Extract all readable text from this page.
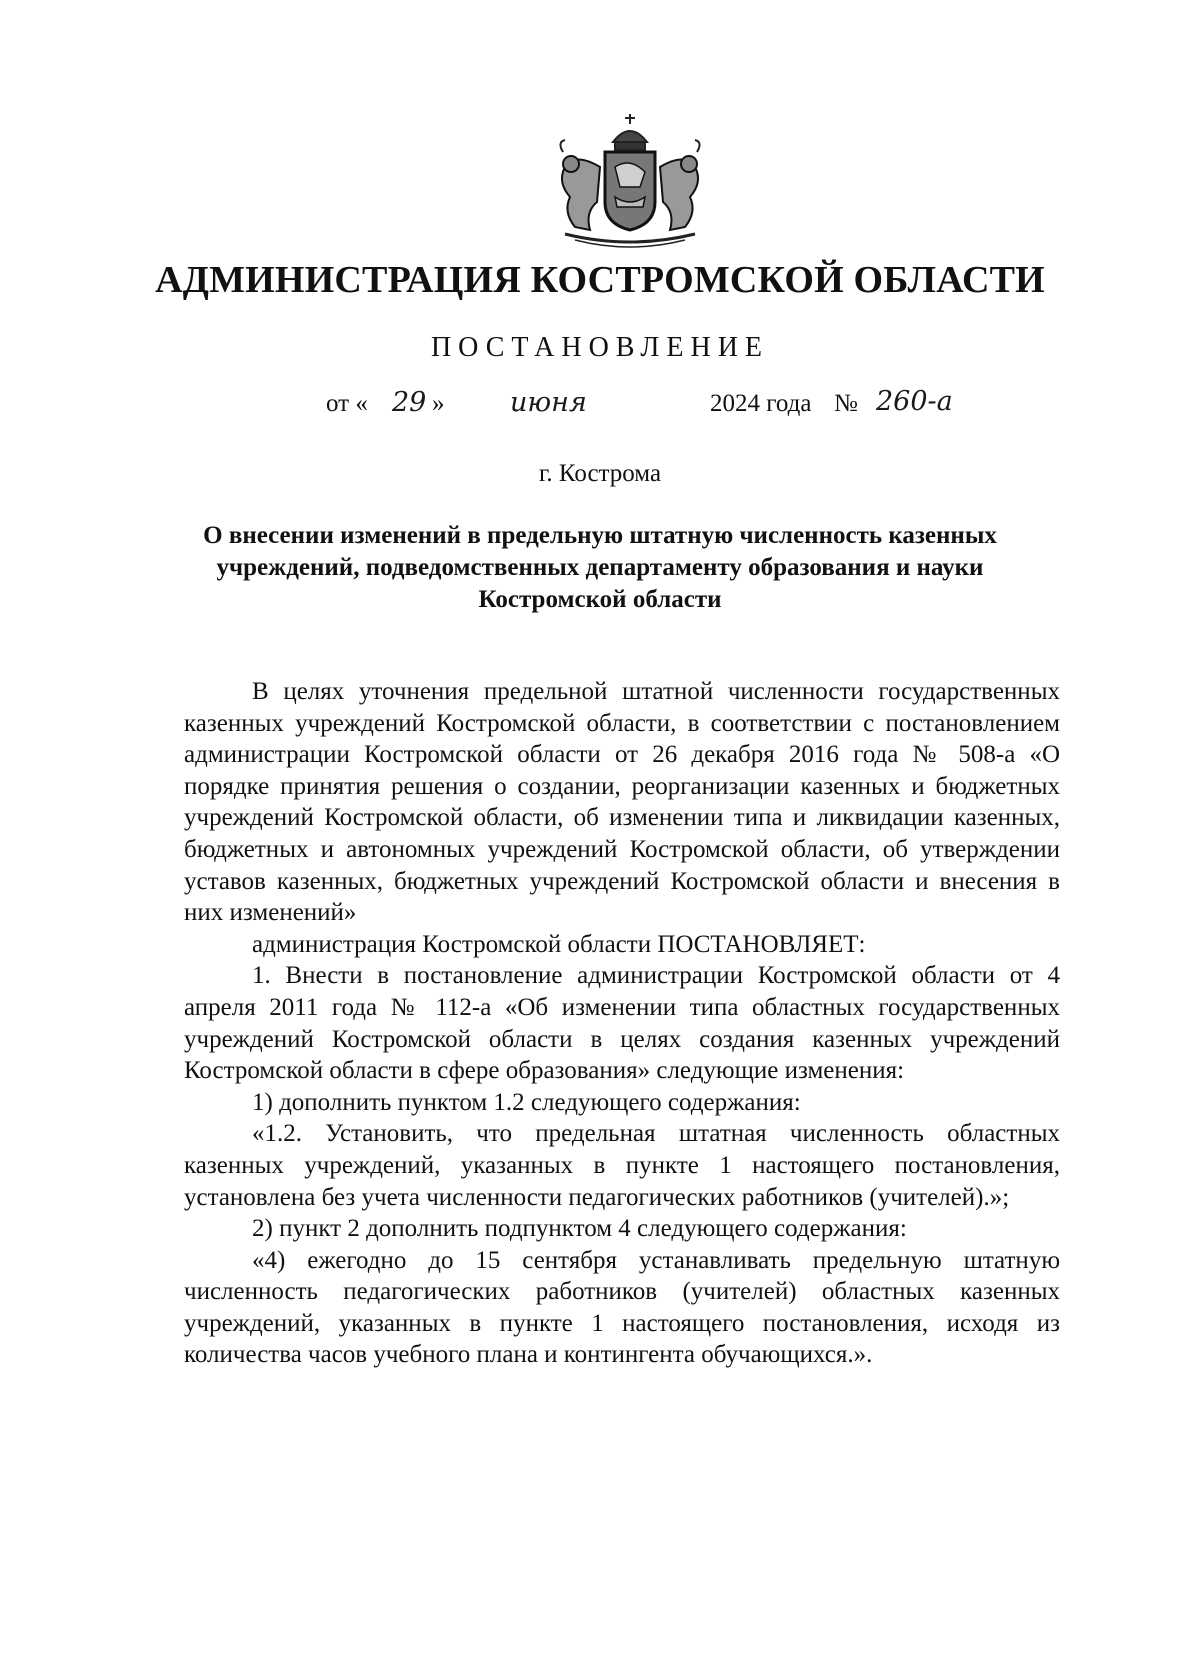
АДМИНИСТРАЦИЯ КОСТРОМСКОЙ ОБЛАСТИ
ПОСТАНОВЛЕНИЕ
от « 29 » июня	2024 года № 260-а
г. Кострома
О внесении изменений в предельную штатную численность казенных учреждений, подведомственных департаменту образования и науки Костромской области

В целях уточнения предельной штатной численности государственных казенных учреждений Костромской области, в соответствии с постановлением администрации Костромской области от 26 декабря 2016 года № 508-а «О порядке принятия решения о создании, реорганизации казенных и бюджетных учреждений Костромской области, об изменении типа и ликвидации казенных, бюджетных и автономных учреждений Костромской области, об утверждении уставов казенных, бюджетных учреждений Костромской области и внесения в них изменений»

администрация Костромской области ПОСТАНОВЛЯЕТ:

1. Внести в постановление администрации Костромской области от 4 апреля 2011 года № 112-а «Об изменении типа областных государственных учреждений Костромской области в целях создания казенных учреждений Костромской области в сфере образования» следующие изменения:

1) дополнить пунктом 1.2 следующего содержания:

«1.2. Установить, что предельная штатная численность областных казенных учреждений, указанных в пункте 1 настоящего постановления, установлена без учета численности педагогических работников (учителей).»;

2) пункт 2 дополнить подпунктом 4 следующего содержания:

«4) ежегодно до 15 сентября устанавливать предельную штатную численность педагогических работников (учителей) областных казенных учреждений, указанных в пункте 1 настоящего постановления, исходя из количества часов учебного плана и контингента обучающихся.».
